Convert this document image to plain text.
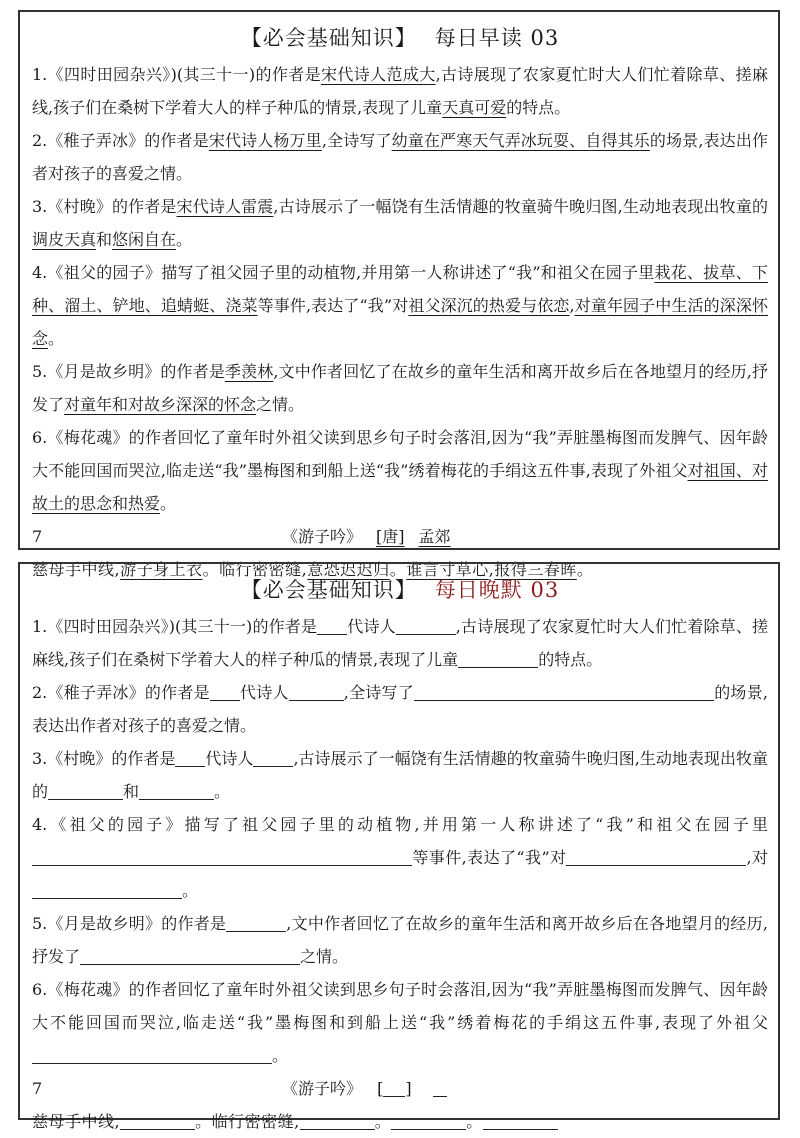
【必会基础知识】 每日早读 03

1.《四时田园杂兴》)(其三十一)的作者是宋代诗人范成大,古诗展现了农家夏忙时大人们忙着除草、搓麻线,孩子们在桑树下学着大人的样子种瓜的情景,表现了儿童天真可爱的特点。

2.《稚子弄冰》的作者是宋代诗人杨万里,全诗写了幼童在严寒天气弄冰玩耍、自得其乐的场景,表达出作者对孩子的喜爱之情。

3.《村晚》的作者是宋代诗人雷震,古诗展示了一幅饶有生活情趣的牧童骑牛晚归图,生动地表现出牧童的调皮天真和悠闲自在。

4.《祖父的园子》描写了祖父园子里的动植物,并用第一人称讲述了“我”和祖父在园子里栽花、拔草、下种、溜土、铲地、追蜻蜓、浇菜等事件,表达了“我”对祖父深沉的热爱与依恋,对童年园子中生活的深深怀念。

5.《月是故乡明》的作者是季羡林,文中作者回忆了在故乡的童年生活和离开故乡后在各地望月的经历,抒发了对童年和对故乡深深的怀念之情。

6.《梅花魂》的作者回忆了童年时外祖父读到思乡句子时会落泪,因为“我”弄脏墨梅图而发脾气、因年龄大不能回国而哭泣,临走送“我”墨梅图和到船上送“我”绣着梅花的手绢这五件事,表现了外祖父对祖国、对故土的思念和热爱。

7	《游子吟》 [唐] 孟郊
慈母手中线,游子身上衣。临行密密缝,意恐迟迟归。谁言寸草心,报得三春晖。
【必会基础知识】 每日晚默 03

1.《四时田园杂兴》)(其三十一)的作者是 代诗人	,古诗展现了农家夏忙时大人们忙着除草、搓麻线,孩子们在桑树下学着大人的样子种瓜的情景,表现了儿童	的特点。

2.《稚子弄冰》的作者是 代诗人	,全诗写了	的场景,表达出作者对孩子的喜爱之情。

3.《村晚》的作者是 代诗人	,古诗展示了一幅饶有生活情趣的牧童骑牛晚归图,生动地表现出牧童的	和	。

4.《祖父的园子》描写了祖父园子里的动植物,并用第一人称讲述了“我”和祖父在园子里等事件,表达了“我”对	,对。

5.《月是故乡明》的作者是	,文中作者回忆了在故乡的童年生活和离开故乡后在各地望月的经历,抒发了	之情。

6.《梅花魂》的作者回忆了童年时外祖父读到思乡句子时会落泪,因为“我”弄脏墨梅图而发脾气、因年龄大不能回国而哭泣,临走送“我”墨梅图和到船上送“我”绣着梅花的手绢这五件事,表现了外祖父。

7	《游子吟》 [ ]
慈母手中线,	。临行密密缝,	。	。
